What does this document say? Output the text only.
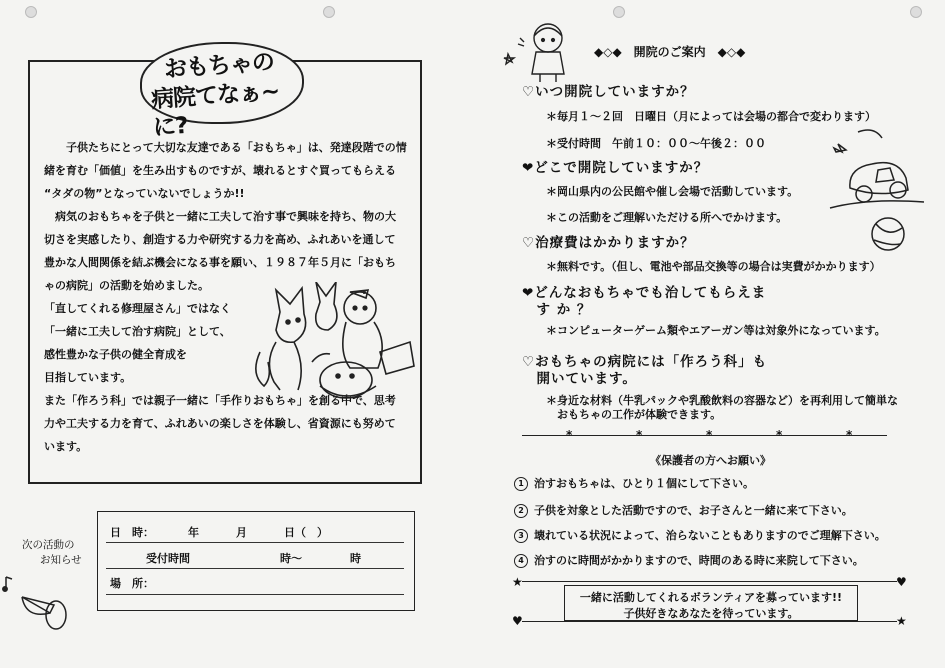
おもちゃの
病院てなぁ~に?
子供たちにとって大切な友達である「おもちゃ」は、発達段階での情
緒を育む「価値」を生み出すものですが、壊れるとすぐ買ってもらえる
“タダの物”となっていないでしょうか!!
病気のおもちゃを子供と一緒に工夫して治す事で興味を持ち、物の大
切さを実感したり、創造する力や研究する力を高め、ふれあいを通して
豊かな人間関係を結ぶ機会になる事を願い、１９８７年５月に「おもち
ゃの病院」の活動を始めました。
「直してくれる修理屋さん」ではなく
「一緒に工夫して治す病院」として、
感性豊かな子供の健全育成を
目指しています。
また「作ろう科」では親子一緒に「手作りおもちゃ」を創る中で、思考
力や工夫する力を育て、ふれあいの楽しさを体験し、省資源にも努めて
います。
次の活動の
お知らせ
日　時：	年	月	日（　）
受付時間	時～	時
場　所：
◆◇◆　開院のご案内　◆◇◆
♡いつ開院していますか？
＊毎月１～２回　日曜日（月によっては会場の都合で変わります）
＊受付時間　午前１０：００～午後２：００
❤どこで開院していますか？
＊岡山県内の公民館や催し会場で活動しています。
＊この活動をご理解いただける所へでかけます。
♡治療費はかかりますか？
＊無料です。（但し、電池や部品交換等の場合は実費がかかります）
❤どんなおもちゃでも治してもらえま
　す か ？
＊コンピューターゲーム類やエアーガン等は対象外になっています。
♡おもちゃの病院には「作ろう科」も
　開いています。
＊身近な材料（牛乳パックや乳酸飲料の容器など）を再利用して簡単な
　おもちゃの工作が体験できます。
*	*	*	*	*
《保護者の方へお願い》
1 治すおもちゃは、ひとり１個にして下さい。
2 子供を対象とした活動ですので、お子さんと一緒に来て下さい。
3 壊れている状況によって、治らないこともありますのでご理解下さい。
4 治すのに時間がかかりますので、時間のある時に来院して下さい。
★	♥
一緒に活動してくれるボランティアを募っています!!
子供好きなあなたを待っています。
♥	★
